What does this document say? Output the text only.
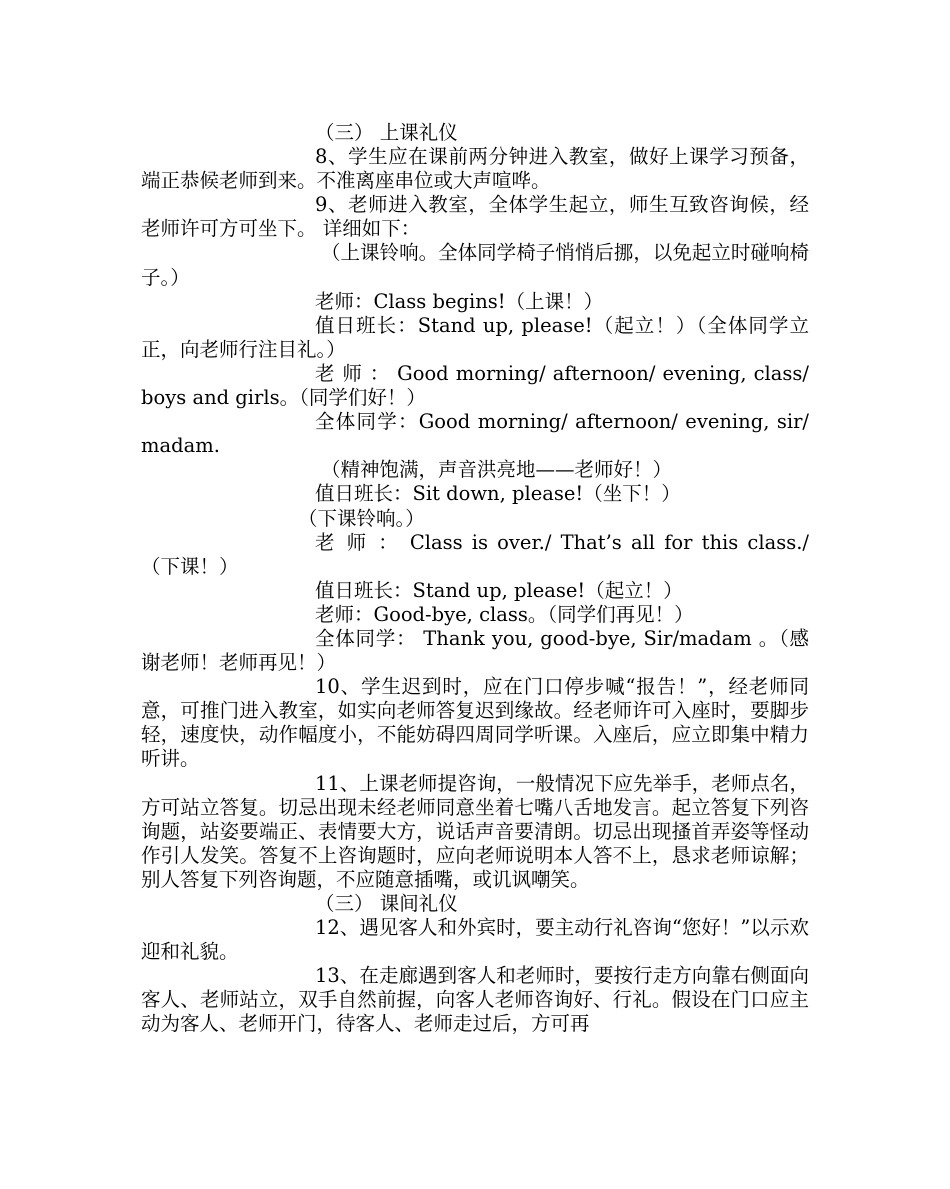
（三） 上课礼仪

8、学生应在课前两分钟进入教室，做好上课学习预备，端正恭候老师到来。不准离座串位或大声喧哗。

9、老师进入教室，全体学生起立，师生互致咨询候，经老师许可方可坐下。 详细如下：

（上课铃响。全体同学椅子悄悄后挪，以免起立时碰响椅子。）

老师：Class begins!（上课！）

值日班长：Stand up, please!（起立！）（全体同学立正，向老师行注目礼。）

老 师 ： Good morning/ afternoon/ evening, class/ boys and girls。（同学们好！）

全体同学：Good morning/ afternoon/ evening, sir/ madam.

（精神饱满，声音洪亮地——老师好！）

值日班长：Sit down, please!（坐下！）

（下课铃响。）

老 师 ： Class is over./ That’s all for this class./ （下课！）

值日班长：Stand up, please!（起立！）

老师：Good-bye, class。（同学们再见！）

全体同学： Thank you, good-bye, Sir/madam 。（感谢老师！老师再见！）

10、学生迟到时，应在门口停步喊“报告！”，经老师同意，可推门进入教室，如实向老师答复迟到缘故。经老师许可入座时，要脚步轻，速度快，动作幅度小，不能妨碍四周同学听课。入座后，应立即集中精力听讲。

11、上课老师提咨询，一般情况下应先举手，老师点名，方可站立答复。切忌出现未经老师同意坐着七嘴八舌地发言。起立答复下列咨询题，站姿要端正、表情要大方，说话声音要清朗。切忌出现搔首弄姿等怪动作引人发笑。答复不上咨询题时，应向老师说明本人答不上，恳求老师谅解；别人答复下列咨询题，不应随意插嘴，或讥讽嘲笑。

（三） 课间礼仪

12、遇见客人和外宾时，要主动行礼咨询“您好！”以示欢迎和礼貌。

13、在走廊遇到客人和老师时，要按行走方向靠右侧面向客人、老师站立，双手自然前握，向客人老师咨询好、行礼。假设在门口应主动为客人、老师开门，待客人、老师走过后，方可再
